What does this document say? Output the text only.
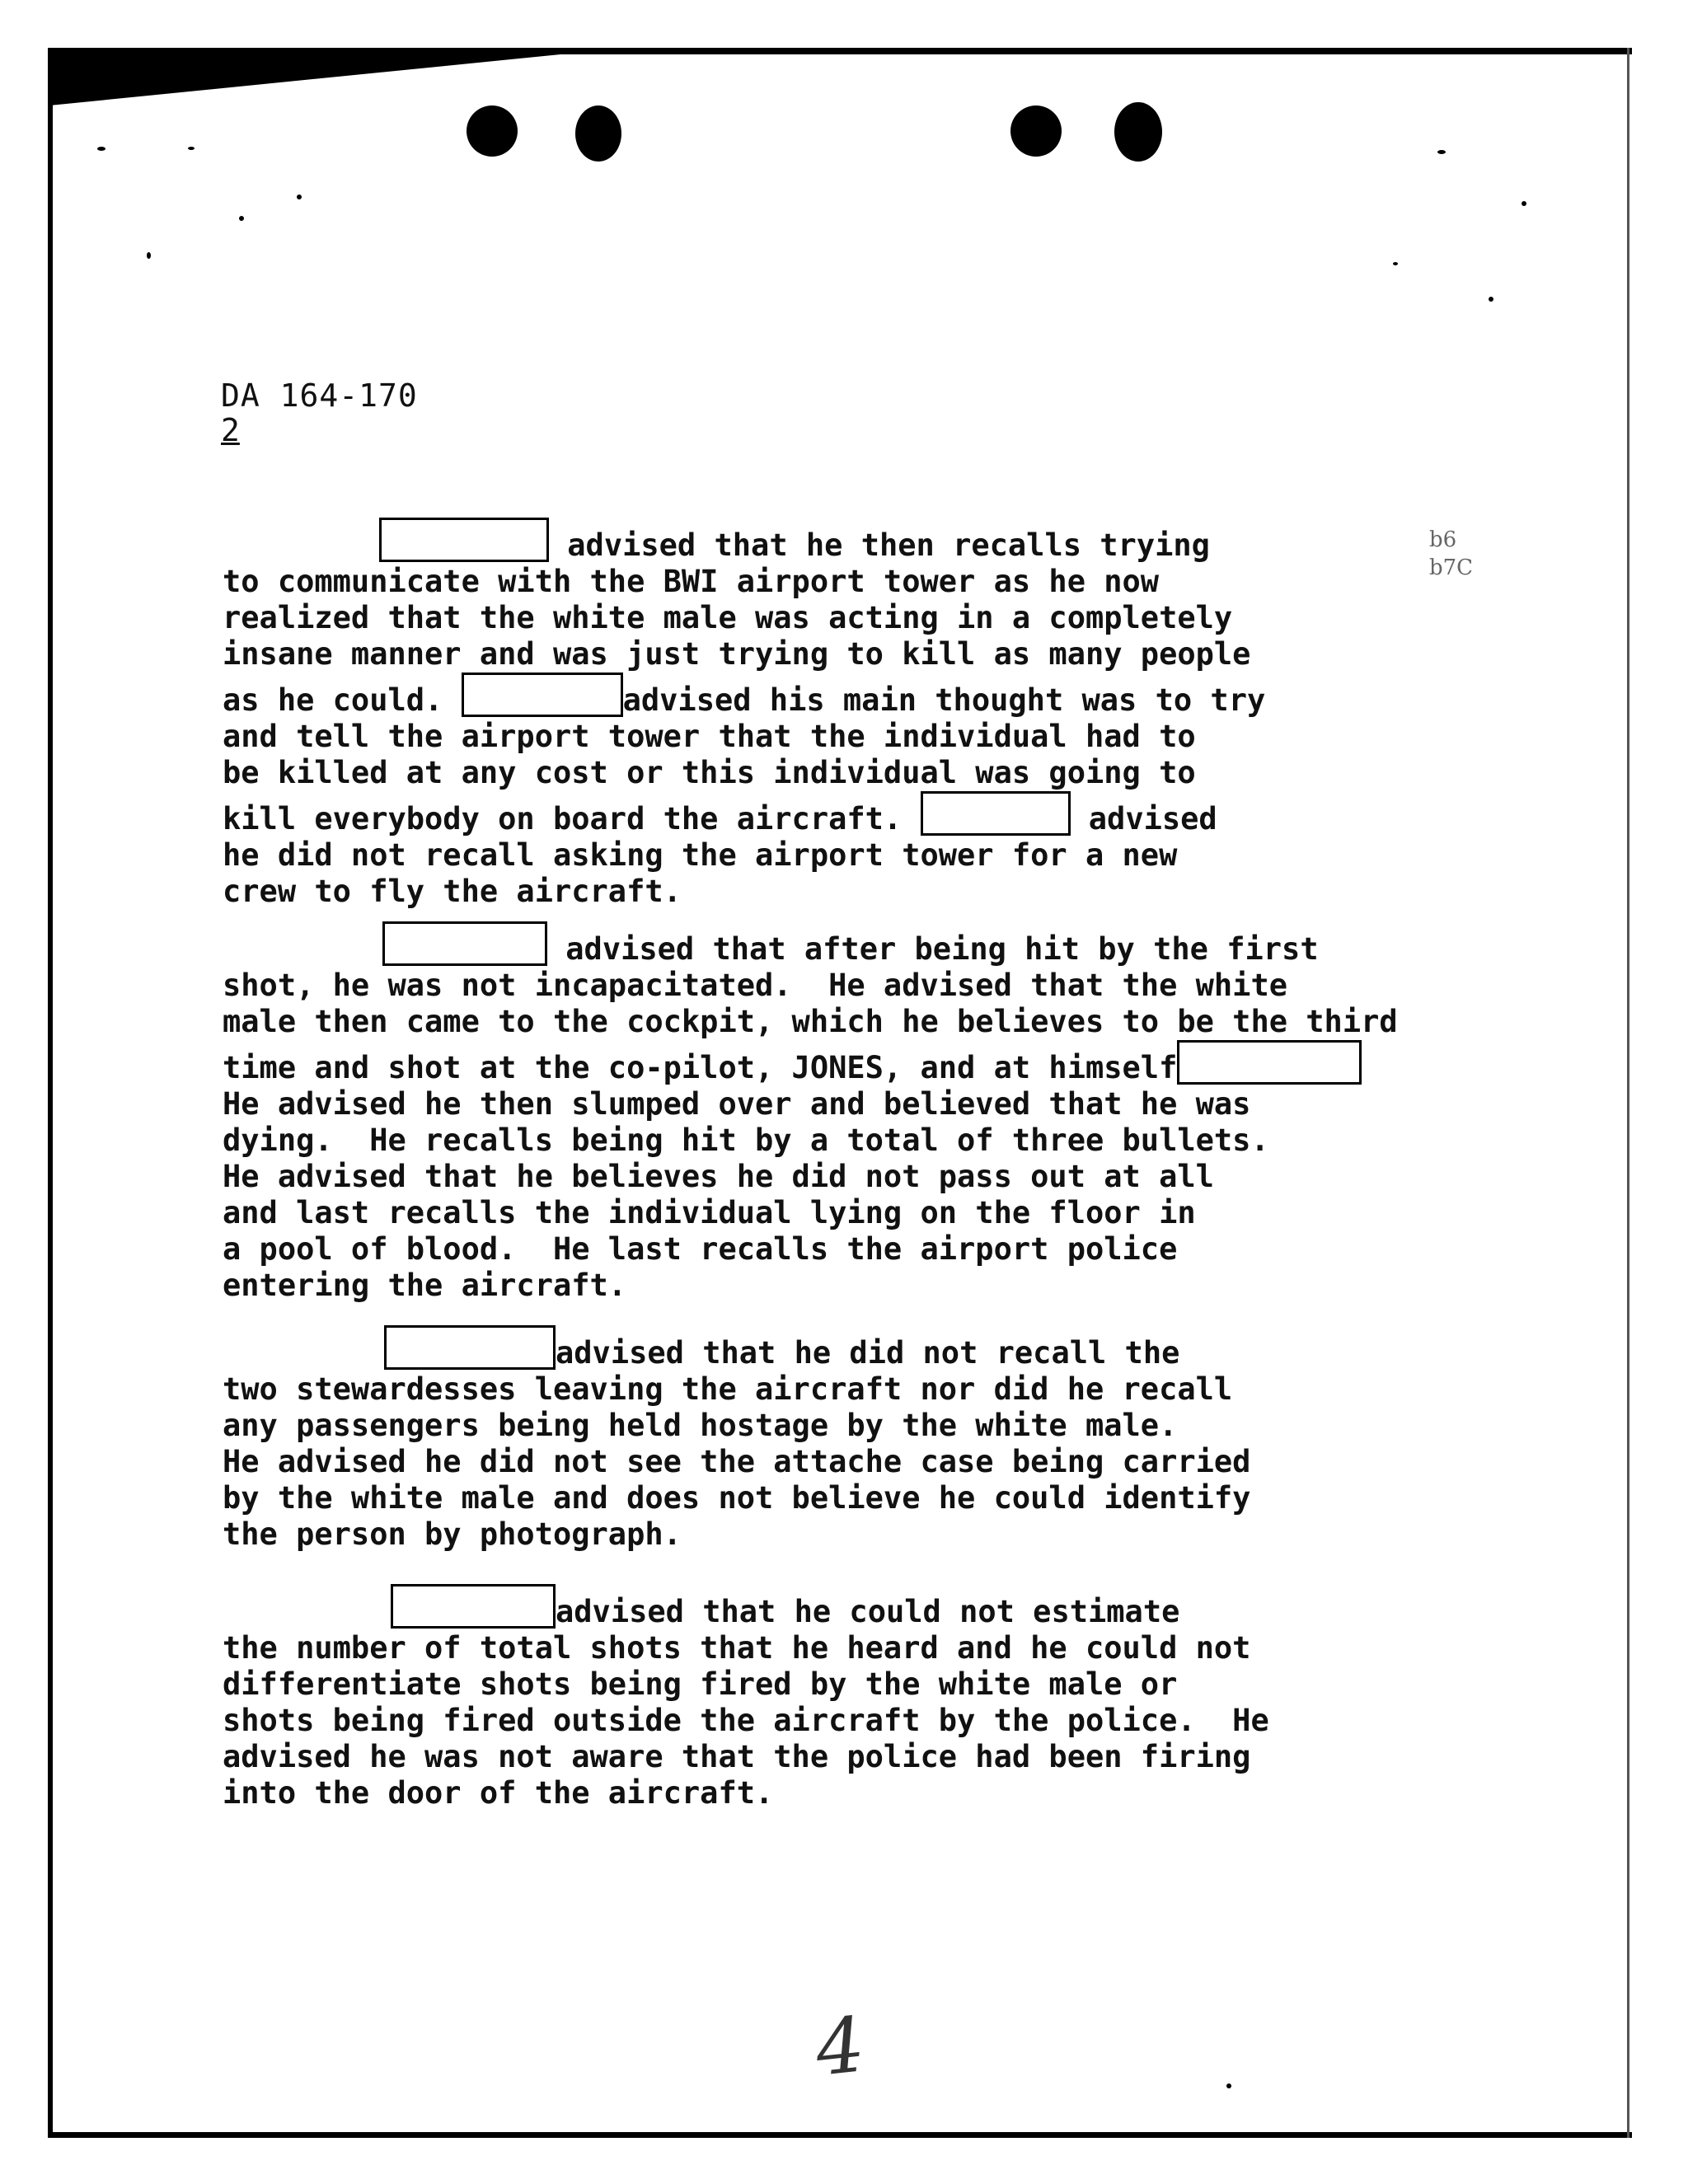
DA 164-170
2
b6
b7C
advised that he then recalls trying
to communicate with the BWI airport tower as he now
realized that the white male was acting in a completely
insane manner and was just trying to kill as many people
as he could.	advised his main thought was to try
and tell the airport tower that the individual had to
be killed at any cost or this individual was going to
kill everybody on board the aircraft.	advised
he did not recall asking the airport tower for a new
crew to fly the aircraft.
advised that after being hit by the first
shot, he was not incapacitated.  He advised that the white
male then came to the cockpit, which he believes to be the third
time and shot at the co-pilot, JONES, and at himself
He advised he then slumped over and believed that he was
dying.  He recalls being hit by a total of three bullets.
He advised that he believes he did not pass out at all
and last recalls the individual lying on the floor in
a pool of blood.  He last recalls the airport police
entering the aircraft.
advised that he did not recall the
two stewardesses leaving the aircraft nor did he recall
any passengers being held hostage by the white male.
He advised he did not see the attache case being carried
by the white male and does not believe he could identify
the person by photograph.
advised that he could not estimate
the number of total shots that he heard and he could not
differentiate shots being fired by the white male or
shots being fired outside the aircraft by the police.  He
advised he was not aware that the police had been firing
into the door of the aircraft.
4
